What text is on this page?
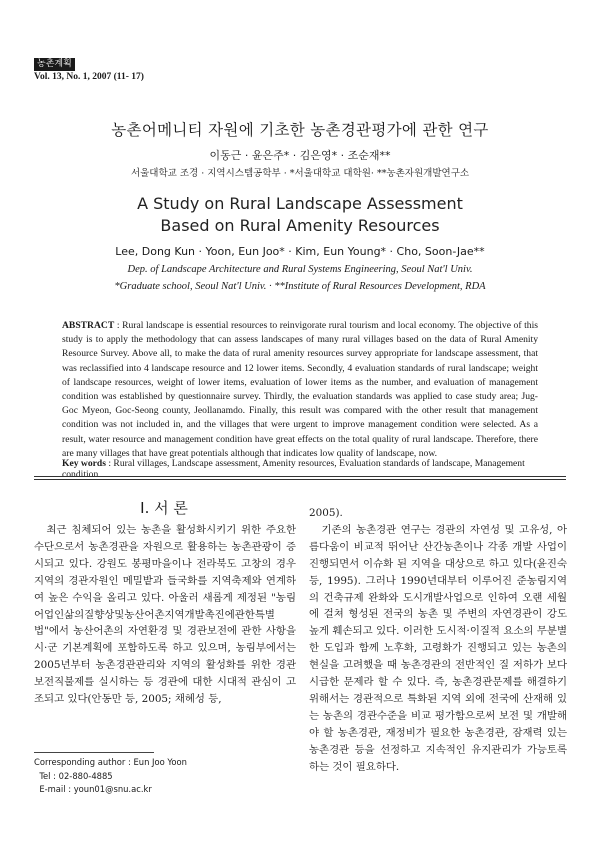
농촌계획
Vol. 13, No. 1, 2007 (11- 17)
농촌어메니티 자원에 기초한 농촌경관평가에 관한 연구
이동근 · 윤은주* · 김은영* · 조순재**
서울대학교 조경 · 지역시스템공학부 · *서울대학교 대학원· **농촌자원개발연구소
A Study on Rural Landscape Assessment
Based on Rural Amenity Resources
Lee, Dong Kun · Yoon, Eun Joo* · Kim, Eun Young* · Cho, Soon-Jae**
Dep. of Landscape Architecture and Rural Systems Engineering, Seoul Nat'l Univ.
*Graduate school, Seoul Nat'l Univ. · **Institute of Rural Resources Development, RDA
ABSTRACT : Rural landscape is essential resources to reinvigorate rural tourism and local economy. The objective of this study is to apply the methodology that can assess landscapes of many rural villages based on the data of Rural Amenity Resource Survey. Above all, to make the data of rural amenity resources survey appropriate for landscape assessment, that was reclassified into 4 landscape resource and 12 lower items. Secondly, 4 evaluation standards of rural landscape; weight of landscape resources, weight of lower items, evaluation of lower items as the number, and evaluation of management condition was established by questionnaire survey. Thirdly, the evaluation standards was applied to case study area; Jug-Goc Myeon, Goc-Seong county, Jeollanamdo. Finally, this result was compared with the other result that management condition was not included in, and the villages that were urgent to improve management condition were selected. As a result, water resource and management condition have great effects on the total quality of rural landscape. Therefore, there are many villages that have great potentials although that indicates low quality of landscape, now.
Key words : Rural villages, Landscape assessment, Amenity resources, Evaluation standards of landscape, Management condition
I. 서 론

최근 침체되어 있는 농촌을 활성화시키기 위한 주요한 수단으로서 농촌경관을 자원으로 활용하는 농촌관광이 증시되고 있다. 강원도 봉평마을이나 전라북도 고창의 경우 지역의 경관자원인 메밀밭과 들국화를 지역축제와 연계하여 높은 수익을 올리고 있다. 아울러 새롭게 제정된 "농림어업인삶의질향상및농산어촌지역개발촉진에관한특별법"에서 농산어촌의 자연환경 및 경관보전에 관한 사항을 시·군 기본계획에 포함하도록 하고 있으며, 농림부에서는 2005년부터 농촌경관관리와 지역의 활성화를 위한 경관보전직불제를 실시하는 등 경관에 대한 시대적 관심이 고조되고 있다(안동만 등, 2005; 채혜성 등,

2005).

기존의 농촌경관 연구는 경관의 자연성 및 고유성, 아름다움이 비교적 뛰어난 산간농촌이나 각종 개발 사업이 진행되면서 이슈화 된 지역을 대상으로 하고 있다(윤진숙 등, 1995). 그러나 1990년대부터 이루어진 준농림지역의 건축규제 완화와 도시개발사업으로 인하여 오랜 세월에 걸쳐 형성된 전국의 농촌 및 주변의 자연경관이 강도 높게 훼손되고 있다. 이러한 도시적·이질적 요소의 무분별한 도입과 함께 노후화, 고령화가 진행되고 있는 농촌의 현실을 고려했을 때 농촌경관의 전반적인 질 저하가 보다 시급한 문제라 할 수 있다. 즉, 농촌경관문제를 해결하기 위해서는 경관적으로 특화된 지역 외에 전국에 산재해 있는 농촌의 경관수준을 비교 평가함으로써 보전 및 개발해야 할 농촌경관, 재정비가 필요한 농촌경관, 잠재력 있는 농촌경관 등을 선정하고 지속적인 유지관리가 가능토록 하는 것이 필요하다.

Corresponding author : Eun Joo Yoon
Tel : 02-880-4885
E-mail : youn01@snu.ac.kr
